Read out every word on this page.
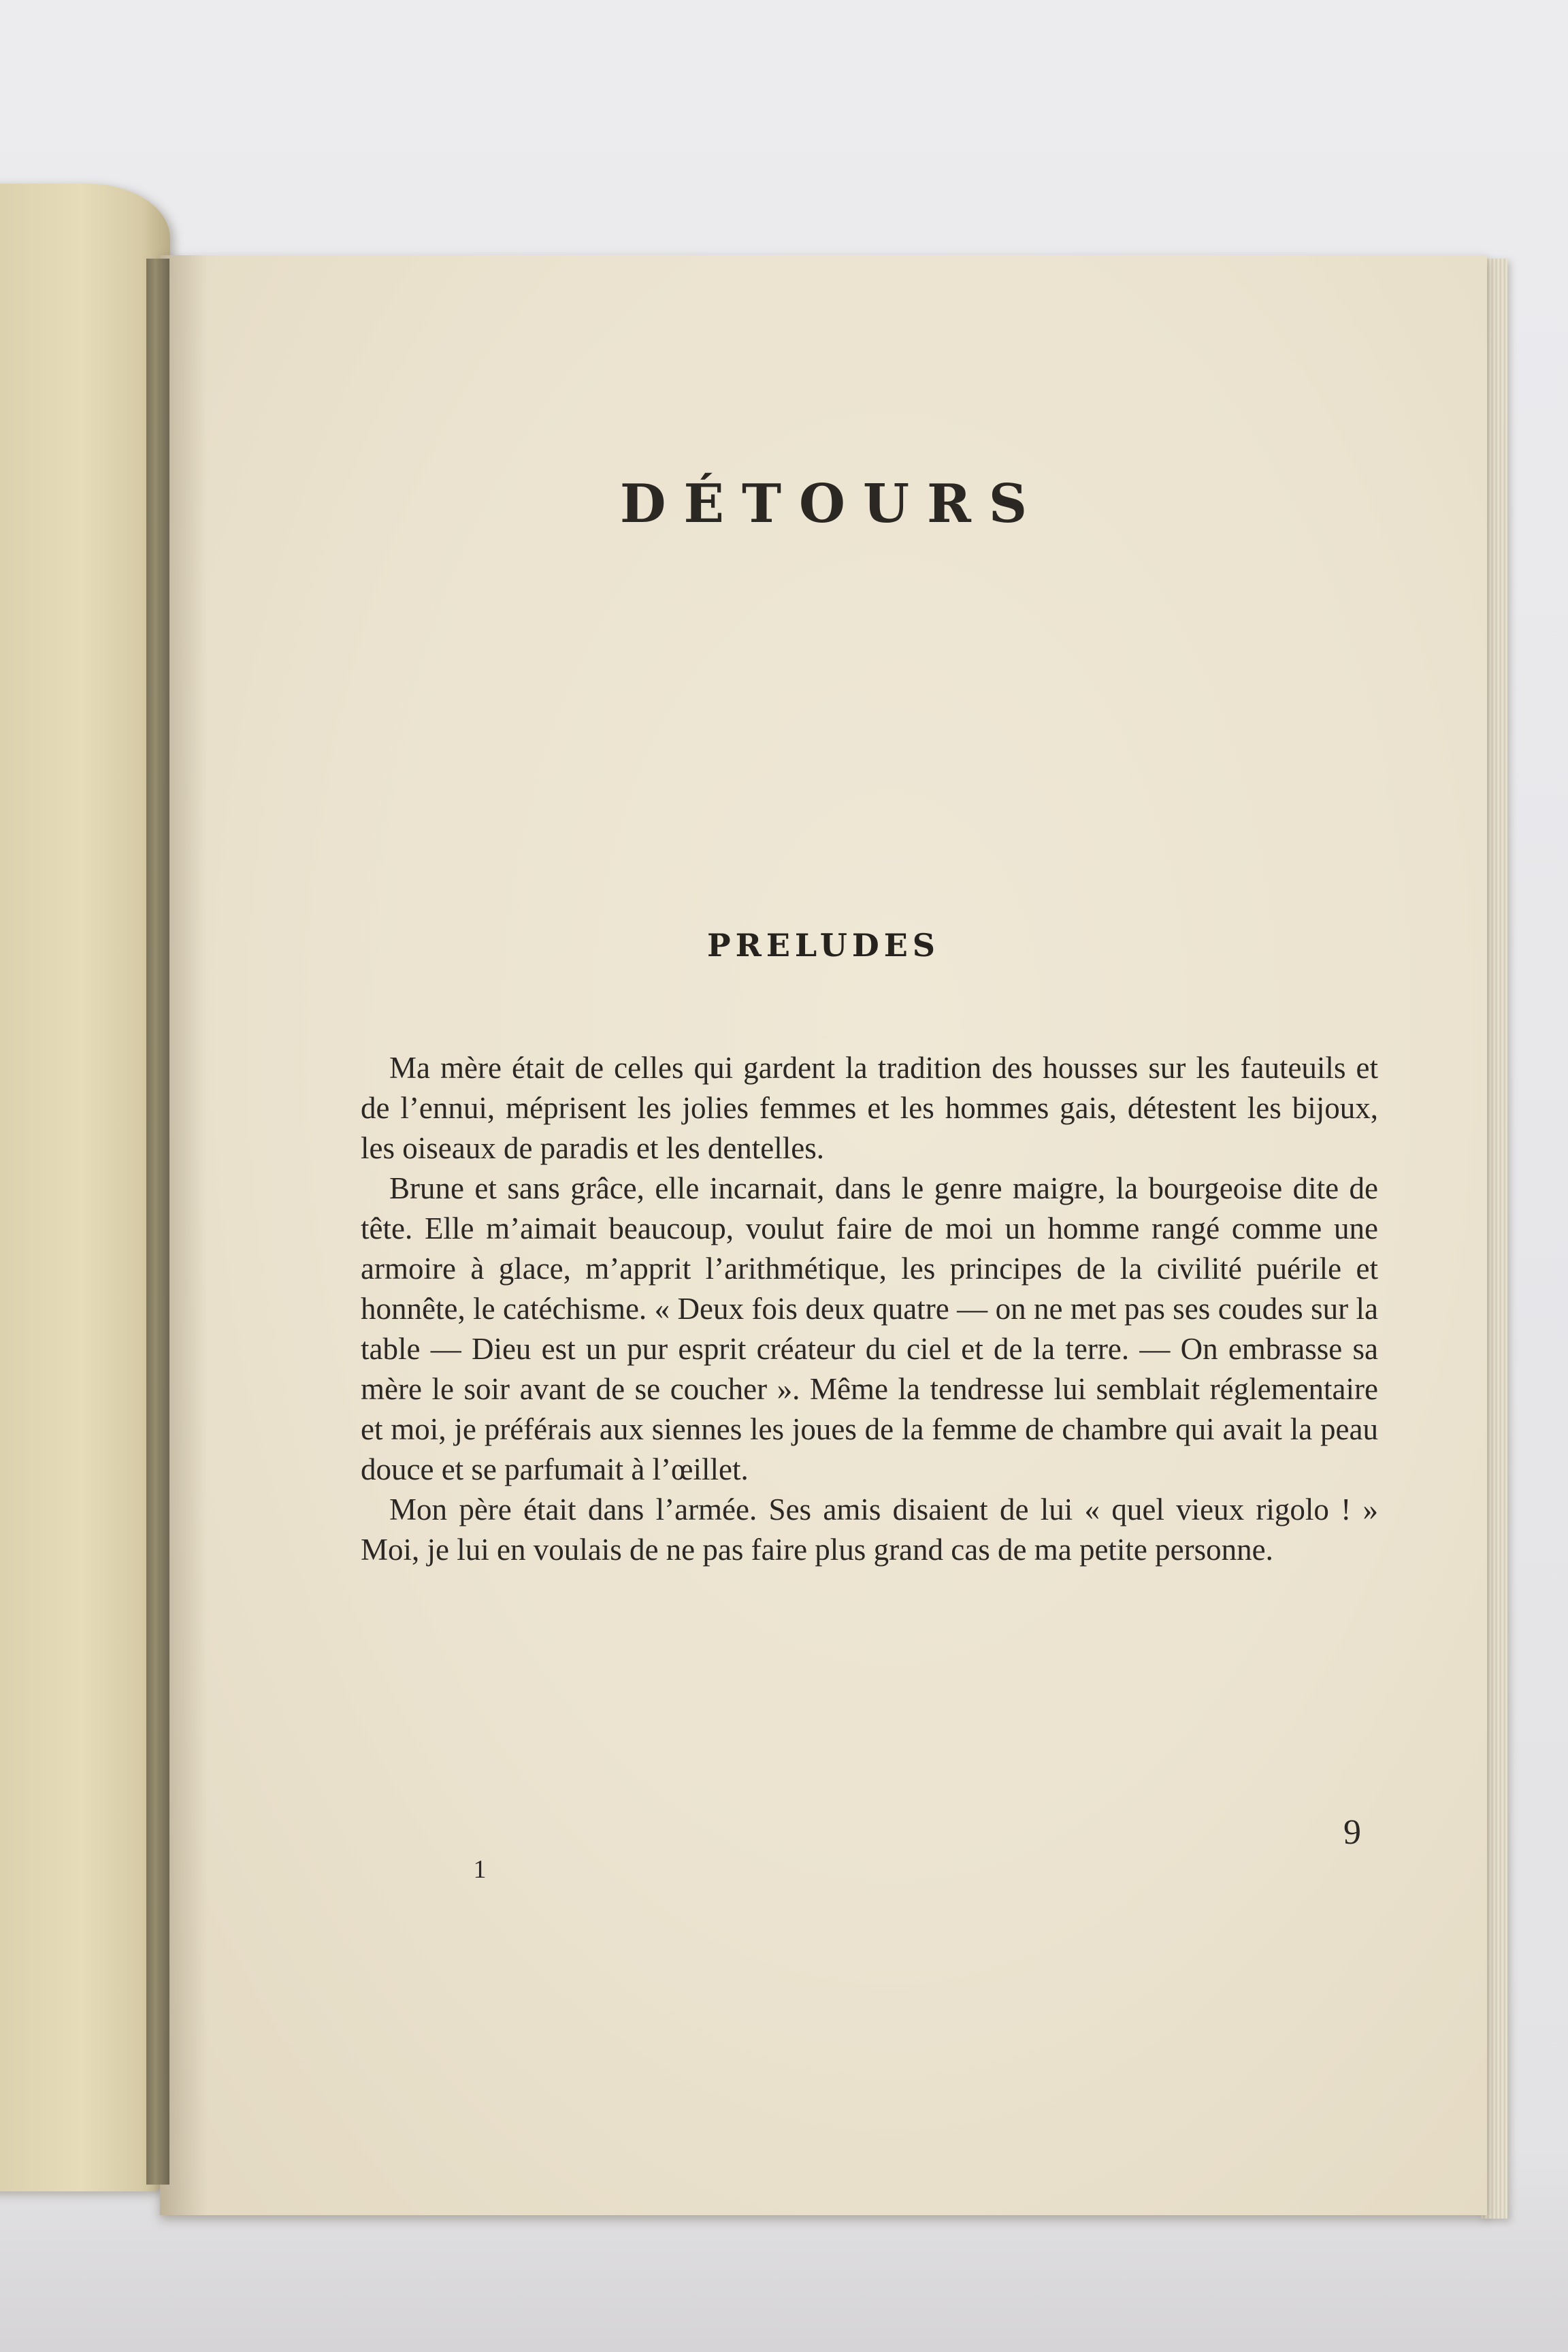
DÉTOURS
PRELUDES

Ma mère était de celles qui gardent la tradition des housses sur les fauteuils et de l’ennui, méprisent les jolies femmes et les hommes gais, détestent les bijoux, les oiseaux de paradis et les dentelles.

Brune et sans grâce, elle incarnait, dans le genre maigre, la bourgeoise dite de tête. Elle m’aimait beaucoup, voulut faire de moi un homme rangé comme une armoire à glace, m’apprit l’arithmétique, les principes de la civilité puérile et honnête, le catéchisme. « Deux fois deux quatre — on ne met pas ses coudes sur la table — Dieu est un pur esprit créateur du ciel et de la terre. — On embrasse sa mère le soir avant de se coucher ». Même la tendresse lui semblait réglementaire et moi, je préférais aux siennes les joues de la femme de chambre qui avait la peau douce et se parfumait à l’œillet.

Mon père était dans l’armée. Ses amis disaient de lui « quel vieux rigolo ! » Moi, je lui en voulais de ne pas faire plus grand cas de ma petite personne.

9
1
